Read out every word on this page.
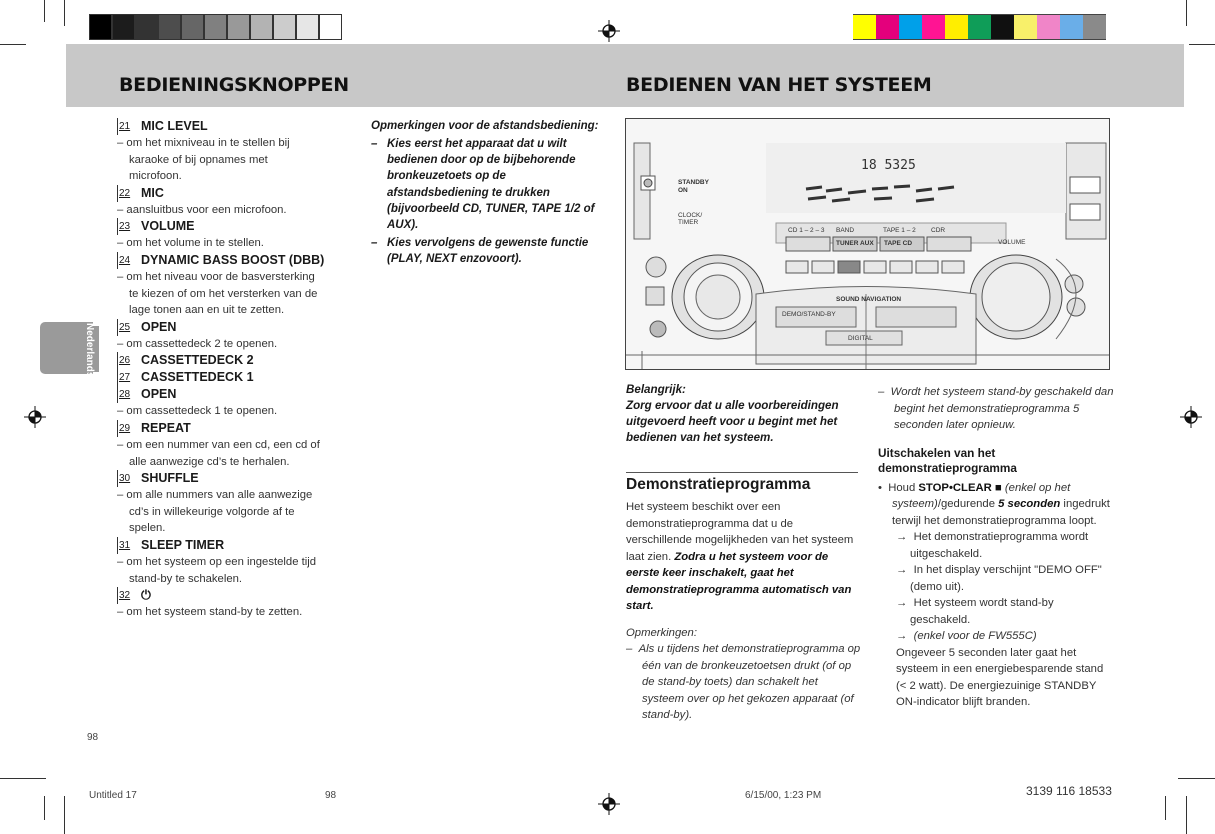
BEDIENINGSKNOPPEN	BEDIENEN VAN HET SYSTEEM
Nederlands
21 MIC LEVEL
– om het mixniveau in te stellen bij
karaoke of bij opnames met
microfoon.
22 MIC
– aansluitbus voor een microfoon.
23 VOLUME
– om het volume in te stellen.
24 DYNAMIC BASS BOOST (DBB)
– om het niveau voor de basversterking
te kiezen of om het versterken van de
lage tonen aan en uit te zetten.
25 OPEN
– om cassettedeck 2 te openen.
26 CASSETTEDECK 2
27 CASSETTEDECK 1
28 OPEN
– om cassettedeck 1 te openen.
29 REPEAT
– om een nummer van een cd, een cd of
alle aanwezige cd’s te herhalen.
30 SHUFFLE
– om alle nummers van alle aanwezige
cd’s in willekeurige volgorde af te
spelen.
31 SLEEP TIMER
– om het systeem op een ingestelde tijd
stand-by te schakelen.
32 ⏻
– om het systeem stand-by te zetten.
Opmerkingen voor de afstandsbediening:
–   Kies eerst het apparaat dat u wilt bedienen door op de bijbehorende bronkeuzetoets op de afstandsbediening te drukken (bijvoorbeeld CD, TUNER, TAPE 1/2 of AUX).
–   Kies vervolgens de gewenste functie (PLAY, NEXT enzovoort).
18 5325
STANDBY
ON
CLOCK/
TIMER
CD 1 – 2 – 3 BAND	TAPE 1 – 2 CDR
TUNER AUX TAPE CD	VOLUME
SOUND NAVIGATION
DEMO/STAND-BY
DIGITAL
Belangrijk:
Zorg ervoor dat u alle voorbereidingen uitgevoerd heeft voor u begint met het bedienen van het systeem.
Demonstratieprogramma
Het systeem beschikt over een demonstratieprogramma dat u de verschillende mogelijkheden van het systeem laat zien. Zodra u het systeem voor de eerste keer inschakelt, gaat het demonstratieprogramma automatisch van start.
Opmerkingen:
–  Als u tijdens het demonstratieprogramma op één van de bronkeuzetoetsen drukt (of op de stand-by toets) dan schakelt het systeem over op het gekozen apparaat (of stand-by).
–  Wordt het systeem stand-by geschakeld dan begint het demonstratieprogramma 5 seconden later opnieuw.
Uitschakelen van het demonstratieprogramma
•  Houd STOP•CLEAR ■ (enkel op het systeem)/gedurende 5 seconden ingedrukt terwijl het demonstratieprogramma loopt.
→  Het demonstratieprogramma wordt uitgeschakeld.
→  In het display verschijnt "DEMO OFF" (demo uit).
→  Het systeem wordt stand-by geschakeld.
→  (enkel voor de FW555C)
Ongeveer 5 seconden later gaat het systeem in een energiebesparende stand (< 2 watt). De energiezuinige STANDBY ON-indicator blijft branden.
98
Untitled 17	98	6/15/00, 1:23 PM	3139 116 18533
